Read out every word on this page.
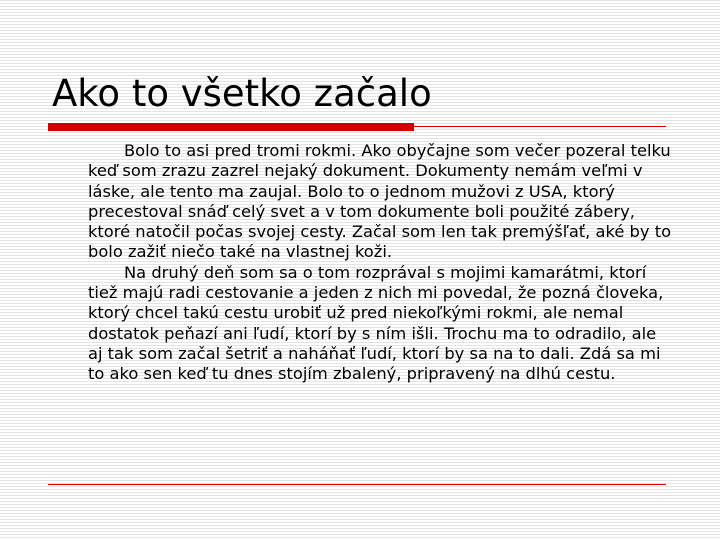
Ako to všetko začalo

Bolo to asi pred tromi rokmi. Ako obyčajne som večer pozeral telku keď som zrazu zazrel nejaký dokument. Dokumenty nemám veľmi v láske, ale tento ma zaujal. Bolo to o jednom mužovi z USA, ktorý precestoval snáď celý svet a v tom dokumente boli použité zábery, ktoré natočil počas svojej cesty. Začal som len tak premýšľať, aké by to bolo zažiť niečo také na vlastnej koži.

Na druhý deň som sa o tom rozprával s mojimi kamarátmi, ktorí tiež majú radi cestovanie a jeden z nich mi povedal, že pozná človeka, ktorý chcel takú cestu urobiť už pred niekoľkými rokmi, ale nemal dostatok peňazí ani ľudí, ktorí by s ním išli. Trochu ma to odradilo, ale aj tak som začal šetriť a naháňať ľudí, ktorí by sa na to dali. Zdá sa mi to ako sen keď tu dnes stojím zbalený, pripravený na dlhú cestu.
